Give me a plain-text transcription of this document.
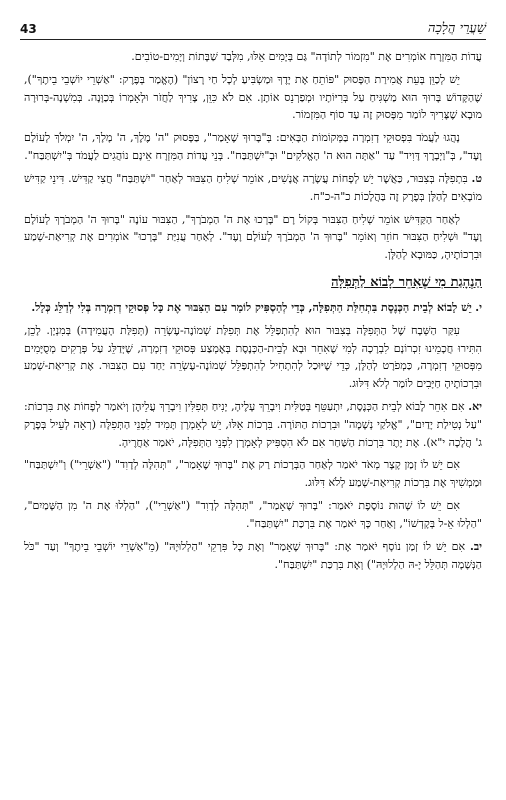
43	שַׁעֲרֵי הֲלָכָה

עֲדוֹת הַמִּזְרָח אוֹמְרִים אֶת "מִזְמוֹר לְתוֹדָה" גַּם בְּיָמִים אֵלּוּ, מִלְּבַד שַׁבָּתוֹת וְיָמִים-טוֹבִים.

יֵשׁ לְכַוֵּן בְּעֵת אֲמִירַת הַפָּסוּק "פּוֹתֵחַ אֶת יָדֶךָ וּמַשְׂבִּיעַ לְכָל חַי רָצוֹן" (הֶאֱמַר בְּפֶרֶק: "אַשְׁרֵי יוֹשְׁבֵי בֵיתֶךָ"), שֶׁהַקָּדוֹשׁ בָּרוּךְ הוּא מַשְׁגִּיחַ עַל בְּרִיּוֹתָיו וּמְפַרְנֵס אוֹתָן. אִם לֹא כִּוֵּן, צָרִיךְ לַחֲזֹר וּלְאָמְרוֹ בְּכַוָּנָה. בְּמִשְׁנָה-בְּרוּרָה מוּבָא שֶׁצָּרִיךְ לוֹמַר מִפָּסוּק זֶה עַד סוֹף הַמִּזְמוֹר.

נָהֲגוּ לַעֲמֹד בִּפְסוּקֵי דְזִמְרָה בַּמְּקוֹמוֹת הַבָּאִים: בְּ"בָּרוּךְ שֶׁאָמַר", בַּפָּסוּק "ה' מֶלֶךְ, ה' מָלָךְ, ה' יִמְלֹךְ לְעוֹלָם וָעֶד", בְּ"וַיְבָרֶךְ דָּוִיד" עַד "אַתָּה הוּא ה' הָאֱלֹקִים" וּבְ"יִשְׁתַּבַּח". בְּנֵי עֲדוֹת הַמִּזְרָח אֵינָם נוֹהֲגִים לַעֲמֹד בְּ"יִשְׁתַּבַּח".

ט. בִּתְפִלָּה בְּצִבּוּר, כַּאֲשֶׁר יֵשׁ לְפָחוֹת עֲשָׂרָה אֲנָשִׁים, אוֹמֵר שְׁלִיחַ הַצִּבּוּר לְאַחַר "יִשְׁתַּבַּח" חֲצִי קַדִּישׁ. דִּינֵי קַדִּישׁ מוֹבָאִים לְהַלָּן בְּפֶרֶק זֶה בַּהֲלָכוֹת כ"ה-כ"ח.

לְאַחַר הַקַּדִּישׁ אוֹמֵר שְׁלִיחַ הַצִּבּוּר בְּקוֹל רָם "בָּרְכוּ אֶת ה' הַמְבֹרָךְ", הַצִּבּוּר עוֹנֶה "בָּרוּךְ ה' הַמְבֹרָךְ לְעוֹלָם וָעֶד" וּשְׁלִיחַ הַצִּבּוּר חוֹזֵר וְאוֹמֵר "בָּרוּךְ ה' הַמְבֹרָךְ לְעוֹלָם וָעֶד". לְאַחַר עֲנִיַּת "בָּרְכוּ" אוֹמְרִים אֶת קְרִיאַת-שְׁמַע וּבִרְכוֹתֶיהָ, כַּמּוּבָא לְהַלָּן.

הַנְהָגַת מִי שֶׁאִחֵר לָבוֹא לַתְּפִלָּה

י. יֵשׁ לָבוֹא לְבֵית הַכְּנֶסֶת בִּתְחִלַּת הַתְּפִלָּה, כְּדֵי לְהַסְפִּיק לוֹמַר עִם הַצִּבּוּר אֶת כָּל פְּסוּקֵי דְזִמְרָה בְּלִי לְדַלֵּג כְּלָל.

עִקַּר הַשְּׁבָח שֶׁל הַתְּפִלָּה בְּצִבּוּר הוּא לְהִתְפַּלֵּל אֶת תְּפִלַּת שְׁמוֹנֶה-עֶשְׂרֵה (תְּפִלַּת הָעֲמִידָה) בְּמִנְיָן. לָכֵן, הִתִּירוּ חֲכָמֵינוּ זִכְרוֹנָם לִבְרָכָה לְמִי שֶׁאִחֵר וּבָא לְבֵית-הַכְּנֶסֶת בְּאֶמְצַע פְּסוּקֵי דְזִמְרָה, שֶׁיְּדַלֵּג עַל פְּרָקִים מְסֻיָּמִים מִפְּסוּקֵי דְזִמְרָה, כַּמְפֹרָט לְהַלָּן, כְּדֵי שֶׁיּוּכַל לְהִתְחִיל לְהִתְפַּלֵּל שְׁמוֹנֶה-עֶשְׂרֵה יַחַד עִם הַצִּבּוּר. אֶת קְרִיאַת-שְׁמַע וּבִרְכוֹתֶיהָ חַיָּבִים לוֹמַר לְלֹא דִּלּוּג.

יא. אִם אִחֵר לָבוֹא לְבֵית הַכְּנֶסֶת, יִתְעַטֵּף בְּטַלִּית וִיבָרֵךְ עָלֶיהָ, יָנִיחַ תְּפִלִּין וִיבָרֵךְ עֲלֵיהֶן וְיֹאמַר לְפָחוֹת אֶת בִּרְכוֹת: "עַל נְטִילַת יָדַיִם", "אֱלֹקַי נְשָׁמָה" וּבִרְכוֹת הַתּוֹרָה. בִּרְכוֹת אֵלּוּ, יֵשׁ לְאָמְרָן תָּמִיד לִפְנֵי הַתְּפִלָּה (רְאֵה לְעֵיל בְּפֶרֶק ג' הֲלָכָה י"א). אֶת יֶתֶר בִּרְכוֹת הַשַּׁחַר אִם לֹא הִסְפִּיק לְאָמְרָן לִפְנֵי הַתְּפִלָּה, יֹאמַר אַחֲרֶיהָ.

אִם יֵשׁ לוֹ זְמַן קָצָר מְאֹד יֹאמַר לְאַחַר הַבְּרָכוֹת רַק אֶת "בָּרוּךְ שֶׁאָמַר", "תְּהִלָּה לְדָוִד" ("אַשְׁרֵי") וְ"יִשְׁתַּבַּח" וּמַמְשִׁיךְ אֶת בִּרְכוֹת קְרִיאַת-שְׁמַע לְלֹא דִּלּוּג.

אִם יֵשׁ לוֹ שָׁהוּת נוֹסֶפֶת יֹאמַר: "בָּרוּךְ שֶׁאָמַר", "תְּהִלָּה לְדָוִד" ("אַשְׁרֵי"), "הַלְלוּ אֶת ה' מִן הַשָּׁמַיִם", "הַלְלוּ אֵ-ל בְּקָדְשׁוֹ", וְאַחַר כָּךְ יֹאמַר אֶת בִּרְכַּת "יִשְׁתַּבַּח".

יב. אִם יֵשׁ לוֹ זְמַן נוֹסָף יֹאמַר אֶת: "בָּרוּךְ שֶׁאָמַר" וְאֶת כָּל פִּרְקֵי "הַלְלוּיָהּ" (מֵ"אַשְׁרֵי יוֹשְׁבֵי בֵיתֶךָ" וְעַד "כֹּל הַנְּשָׁמָה תְּהַלֵּל יָ-הּ הַלְלוּיָהּ") וְאֶת בִּרְכַּת "יִשְׁתַּבַּח".
